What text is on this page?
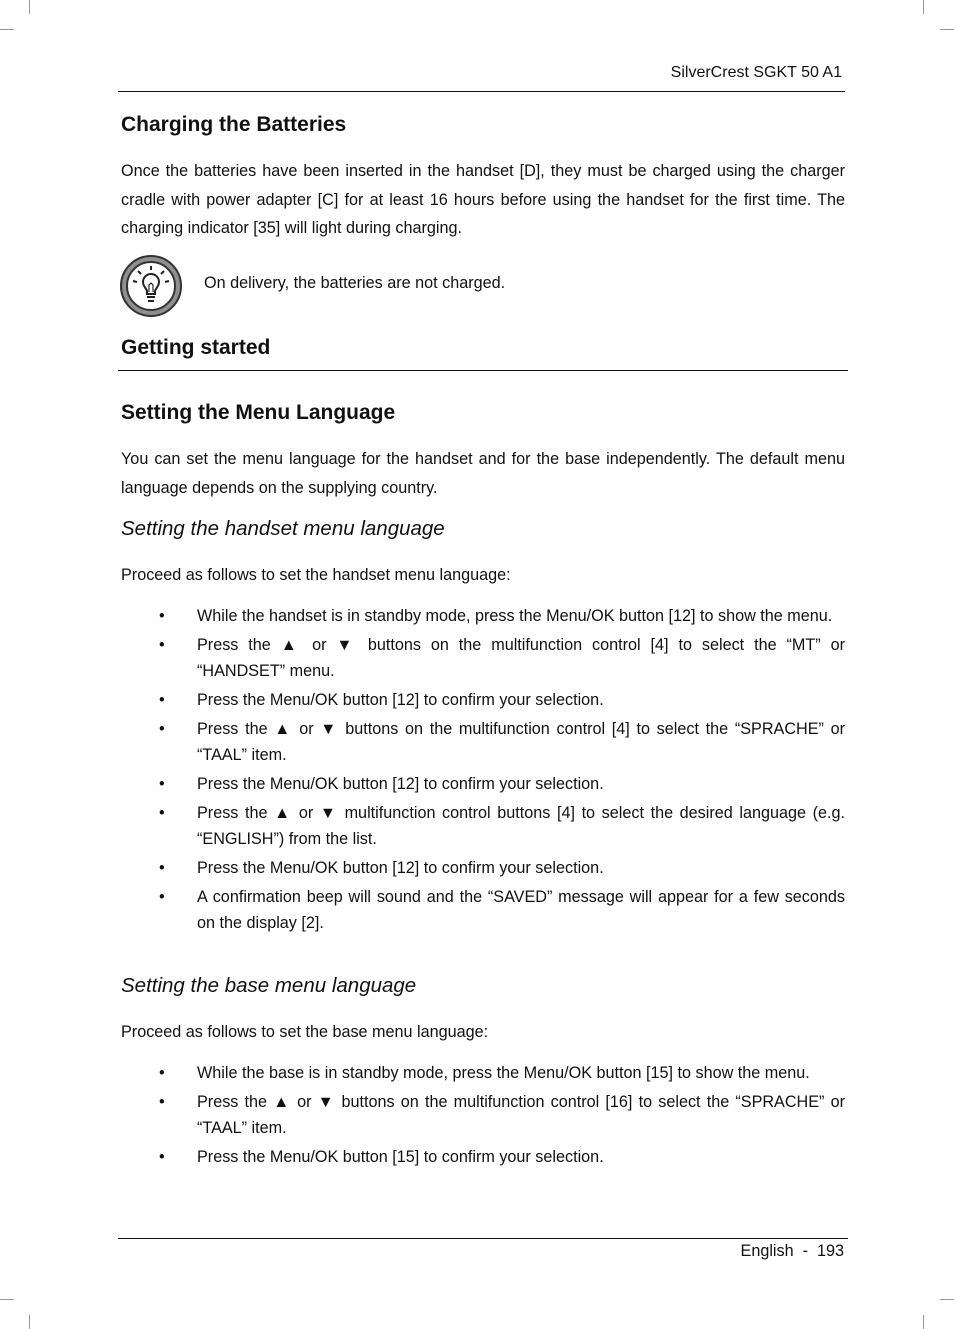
SilverCrest SGKT 50 A1
Charging the Batteries
Once the batteries have been inserted in the handset [D], they must be charged using the charger cradle with power adapter [C] for at least 16 hours before using the handset for the first time. The charging indicator [35] will light during charging.
On delivery, the batteries are not charged.
Getting started
Setting the Menu Language
You can set the menu language for the handset and for the base independently. The default menu language depends on the supplying country.
Setting the handset menu language
Proceed as follows to set the handset menu language:
• While the handset is in standby mode, press the Menu/OK button [12] to show the menu.
• Press the ▲ or ▼ buttons on the multifunction control [4] to select the “MT” or “HANDSET” menu.
• Press the Menu/OK button [12] to confirm your selection.
• Press the ▲ or ▼ buttons on the multifunction control [4] to select the “SPRACHE” or “TAAL” item.
• Press the Menu/OK button [12] to confirm your selection.
• Press the ▲ or ▼ multifunction control buttons [4] to select the desired language (e.g. “ENGLISH”) from the list.
• Press the Menu/OK button [12] to confirm your selection.
• A confirmation beep will sound and the “SAVED” message will appear for a few seconds on the display [2].
Setting the base menu language
Proceed as follows to set the base menu language:
• While the base is in standby mode, press the Menu/OK button [15] to show the menu.
• Press the ▲ or ▼ buttons on the multifunction control [16] to select the “SPRACHE” or “TAAL” item.
• Press the Menu/OK button [15] to confirm your selection.
English  -  193
